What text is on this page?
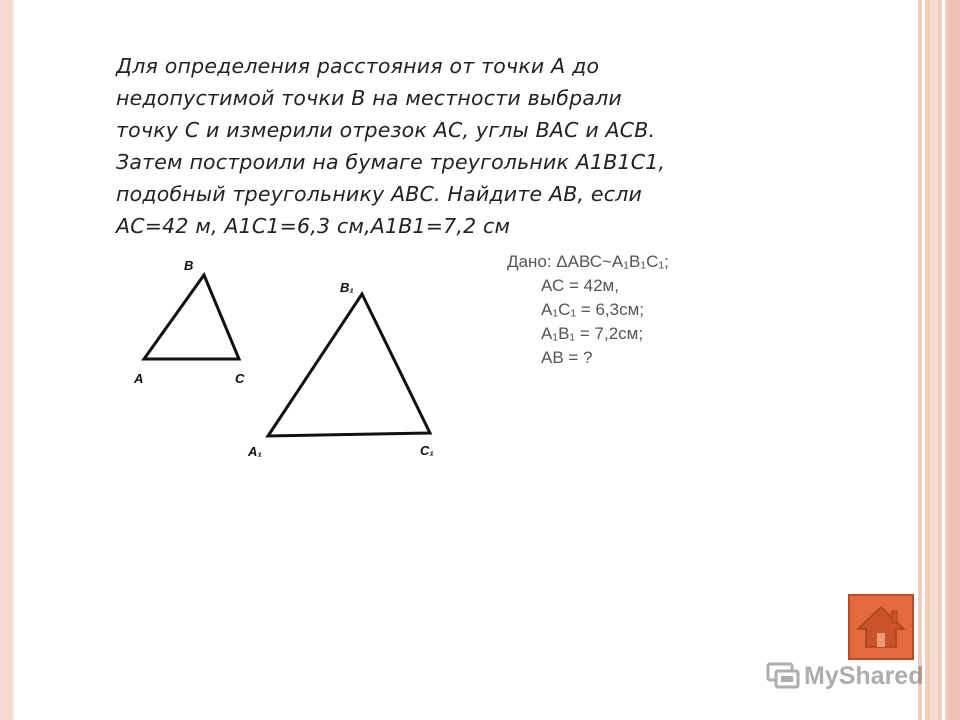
Для определения расстояния от точки А до
недопустимой точки В на местности выбрали
точку С и измерили отрезок АС, углы ВАС и АСВ.
Затем построили на бумаге треугольник А1В1С1,
подобный треугольнику АВС. Найдите АВ, если
АС=42 м, А1С1=6,3 см,А1В1=7,2 см
B
A	C
B₁
A₁	C₁
Дано: ΔАВС~А₁В₁С₁;
АС = 42м,
А₁С₁ = 6,3см;
А₁В₁ = 7,2см;
АВ = ?
MyShared
